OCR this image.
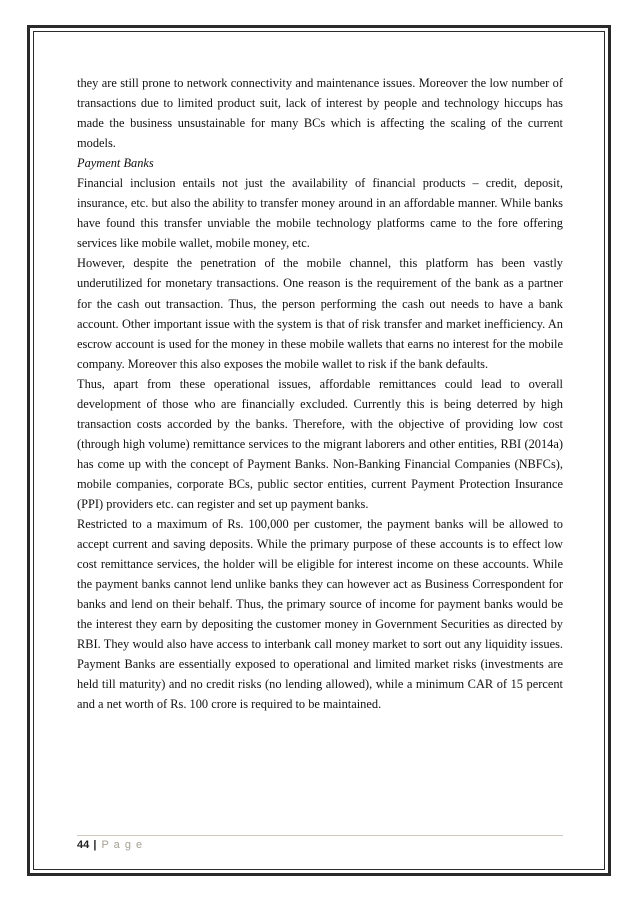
they are still prone to network connectivity and maintenance issues. Moreover the low number of transactions due to limited product suit, lack of interest by people and technology hiccups has made the business unsustainable for many BCs which is affecting the scaling of the current models.

Payment Banks

Financial inclusion entails not just the availability of financial products – credit, deposit, insurance, etc. but also the ability to transfer money around in an affordable manner. While banks have found this transfer unviable the mobile technology platforms came to the fore offering services like mobile wallet, mobile money, etc.

However, despite the penetration of the mobile channel, this platform has been vastly underutilized for monetary transactions. One reason is the requirement of the bank as a partner for the cash out transaction. Thus, the person performing the cash out needs to have a bank account. Other important issue with the system is that of risk transfer and market inefficiency. An escrow account is used for the money in these mobile wallets that earns no interest for the mobile company. Moreover this also exposes the mobile wallet to risk if the bank defaults.

Thus, apart from these operational issues, affordable remittances could lead to overall development of those who are financially excluded. Currently this is being deterred by high transaction costs accorded by the banks. Therefore, with the objective of providing low cost (through high volume) remittance services to the migrant laborers and other entities, RBI (2014a) has come up with the concept of Payment Banks. Non-Banking Financial Companies (NBFCs), mobile companies, corporate BCs, public sector entities, current Payment Protection Insurance (PPI) providers etc. can register and set up payment banks.

Restricted to a maximum of Rs. 100,000 per customer, the payment banks will be allowed to accept current and saving deposits. While the primary purpose of these accounts is to effect low cost remittance services, the holder will be eligible for interest income on these accounts. While the payment banks cannot lend unlike banks they can however act as Business Correspondent for banks and lend on their behalf. Thus, the primary source of income for payment banks would be the interest they earn by depositing the customer money in Government Securities as directed by RBI. They would also have access to interbank call money market to sort out any liquidity issues. Payment Banks are essentially exposed to operational and limited market risks (investments are held till maturity) and no credit risks (no lending allowed), while a minimum CAR of 15 percent and a net worth of Rs. 100 crore is required to be maintained.

44 | P a g e
